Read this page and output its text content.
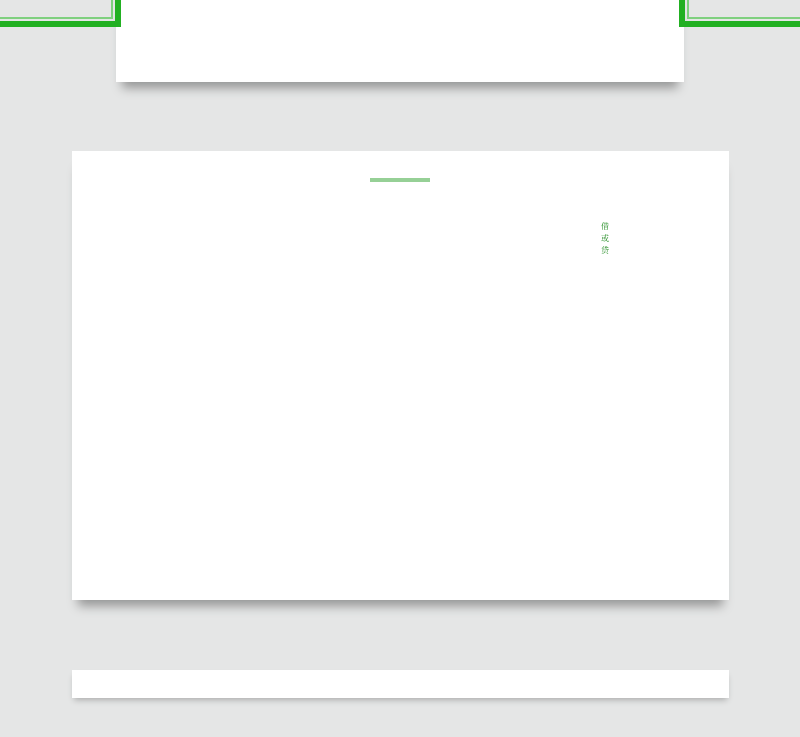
借
或
贷
